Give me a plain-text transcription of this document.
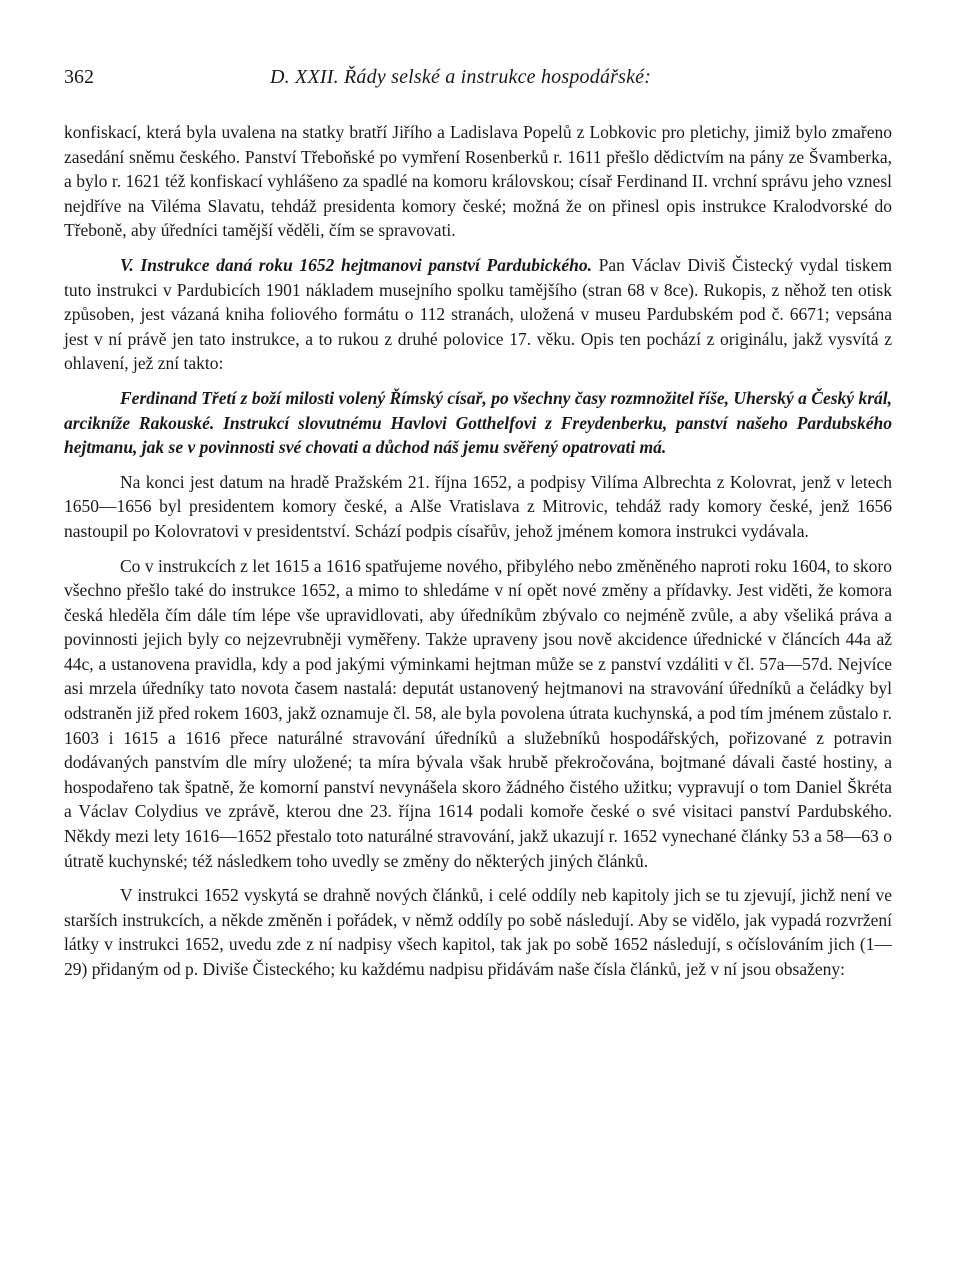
362	D. XXII. Řády selské a instrukce hospodářské:

konfiskací, která byla uvalena na statky bratří Jiřího a Ladislava Popelů z Lobkovic pro pletichy, jimiž bylo zmařeno zasedání sněmu českého. Panství Třeboňské po vymření Rosenberků r. 1611 přešlo dědictvím na pány ze Švamberka, a bylo r. 1621 též konfiskací vyhlášeno za spadlé na komoru královskou; císař Ferdinand II. vrchní správu jeho vznesl nejdříve na Viléma Slavatu, tehdáž presidenta komory české; možná že on přinesl opis instrukce Kralodvorské do Třeboně, aby úředníci tamější věděli, čím se spravovati.

V. Instrukce daná roku 1652 hejtmanovi panství Pardubického. Pan Václav Diviš Čistecký vydal tiskem tuto instrukci v Pardubicích 1901 nákladem musejního spolku tamějšího (stran 68 v 8ce). Rukopis, z něhož ten otisk způsoben, jest vázaná kniha foliového formátu o 112 stranách, uložená v museu Pardubském pod č. 6671; vepsána jest v ní právě jen tato instrukce, a to rukou z druhé polovice 17. věku. Opis ten pochází z originálu, jakž vysvítá z ohlavení, jež zní takto:

Ferdinand Třetí z boží milosti volený Římský císař, po všechny časy rozmnožitel říše, Uherský a Český král, arcikníže Rakouské. Instrukcí slovutnému Havlovi Gotthelfovi z Freydenberku, panství našeho Pardubského hejtmanu, jak se v povinnosti své chovati a důchod náš jemu svěřený opatrovati má.

Na konci jest datum na hradě Pražském 21. října 1652, a podpisy Vilíma Albrechta z Kolovrat, jenž v letech 1650—1656 byl presidentem komory české, a Alše Vratislava z Mitrovic, tehdáž rady komory české, jenž 1656 nastoupil po Kolovratovi v presidentství. Schází podpis císařův, jehož jménem komora instrukci vydávala.

Co v instrukcích z let 1615 a 1616 spatřujeme nového, přibylého nebo změněného naproti roku 1604, to skoro všechno přešlo také do instrukce 1652, a mimo to shledáme v ní opět nové změny a přídavky. Jest viděti, že komora česká hleděla čím dále tím lépe vše upravidlovati, aby úředníkům zbývalo co nejméně zvůle, a aby všeliká práva a povinnosti jejich byly co nejzevrubněji vyměřeny. Także upraveny jsou nově akcidence úřednické v článcích 44a až 44c, a ustanovena pravidla, kdy a pod jakými výminkami hejtman může se z panství vzdáliti v čl. 57a—57d. Nejvíce asi mrzela úředníky tato novota časem nastalá: deputát ustanovený hejtmanovi na stravování úředníků a čeládky byl odstraněn již před rokem 1603, jakž oznamuje čl. 58, ale byla povolena útrata kuchynská, a pod tím jménem zůstalo r. 1603 i 1615 a 1616 přece naturálné stravování úředníků a služebníků hospodářských, pořizované z potravin dodávaných panstvím dle míry uložené; ta míra bývala však hrubě překročována, bojtmané dávali časté hostiny, a hospodařeno tak špatně, že komorní panství nevynášela skoro žádného čistého užitku; vypravují o tom Daniel Škréta a Václav Colydius ve zprávě, kterou dne 23. října 1614 podali komoře české o své visitaci panství Pardubského. Někdy mezi lety 1616—1652 přestalo toto naturálné stravování, jakž ukazují r. 1652 vynechané články 53 a 58—63 o útratě kuchynské; též následkem toho uvedly se změny do některých jiných článků.

V instrukci 1652 vyskytá se drahně nových článků, i celé oddíly neb kapitoly jich se tu zjevují, jichž není ve starších instrukcích, a někde změněn i pořádek, v němž oddíly po sobě následují. Aby se vidělo, jak vypadá rozvržení látky v instrukci 1652, uvedu zde z ní nadpisy všech kapitol, tak jak po sobě 1652 následují, s očíslováním jich (1—29) přidaným od p. Diviše Čisteckého; ku každému nadpisu přidávám naše čísla článků, jež v ní jsou obsaženy:
